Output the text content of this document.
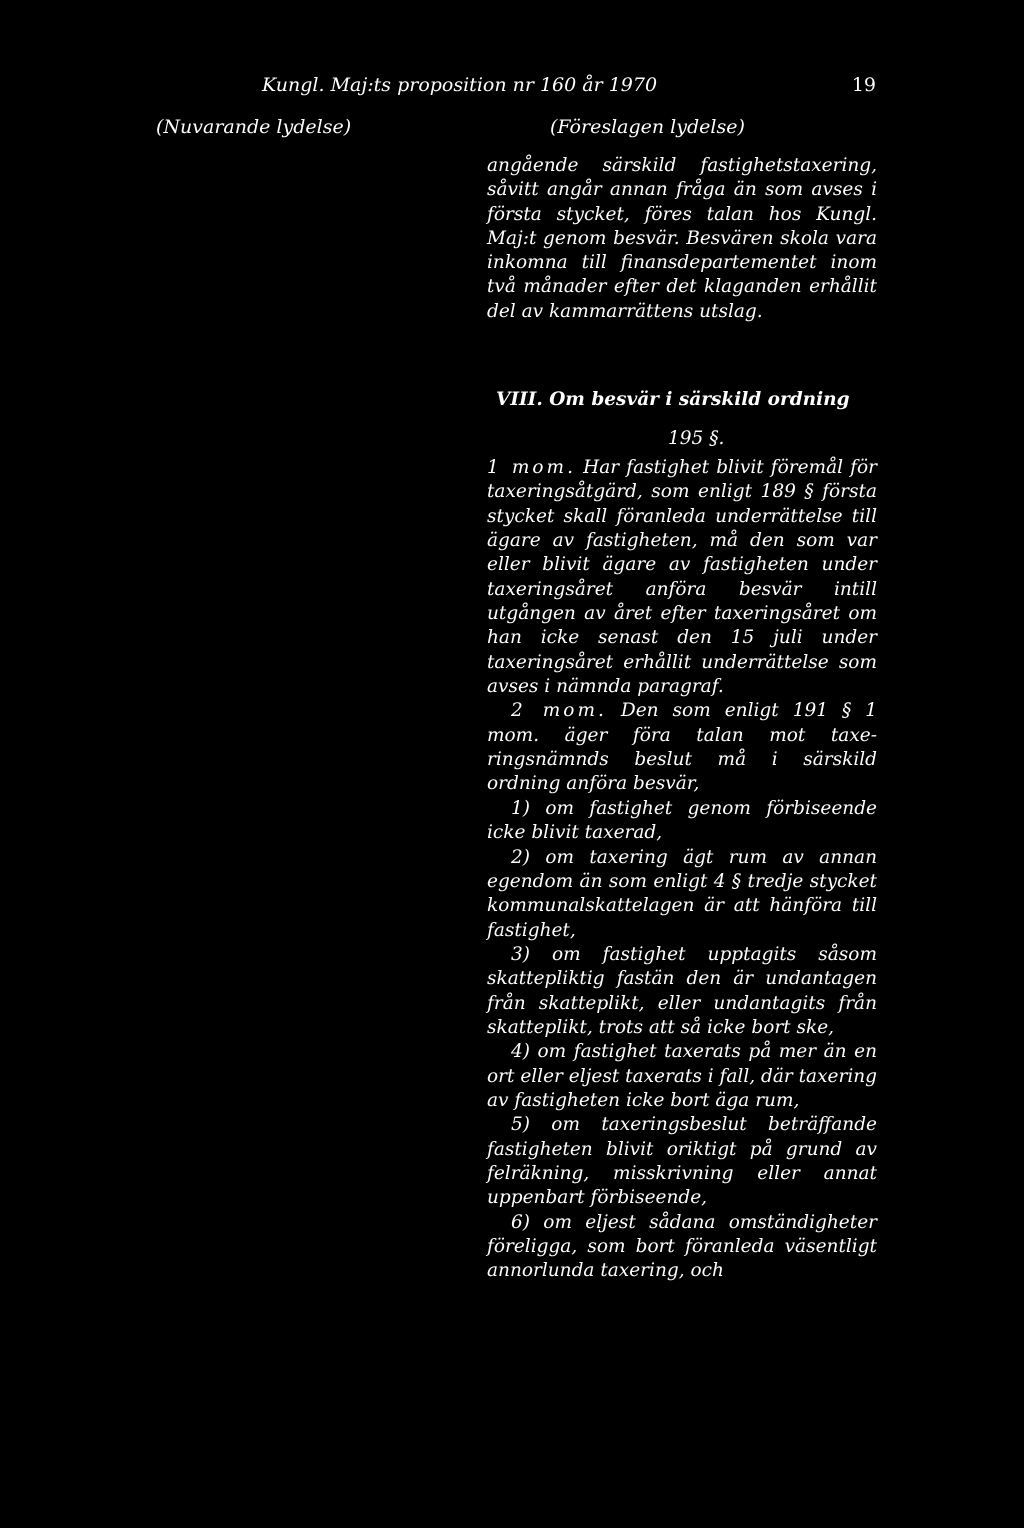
Kungl. Maj:ts proposition nr 160 år 1970	19
(Nuvarande lydelse)	(Föreslagen lydelse)

angående särskild fastighetstaxering, såvitt angår annan fråga än som avses i första stycket, föres talan hos Kungl. Maj:t genom besvär. Besvären skola vara inkomna till finansdepartementet inom två månader efter det klaganden erhållit del av kammarrättens utslag.

VIII. Om besvär i särskild ordning
195 §.

1 mom. Har fastighet blivit föremål för taxeringsåtgärd, som enligt 189 § första stycket skall föranleda underrättelse till ägare av fastigheten, må den som var eller blivit ägare av fastigheten under taxeringsåret anföra besvär intill utgången av året efter taxeringsåret om han icke senast den 15 juli under taxeringsåret erhållit underrättelse som avses i nämnda paragraf.

2 mom. Den som enligt 191 § 1 mom. äger föra talan mot taxeringsnämnds beslut må i särskild ordning anföra besvär,

1) om fastighet genom förbiseende icke blivit taxerad,

2) om taxering ägt rum av annan egendom än som enligt 4 § tredje stycket kommunalskattelagen är att hänföra till fastighet,

3) om fastighet upptagits såsom skattepliktig fastän den är undantagen från skatteplikt, eller undantagits från skatteplikt, trots att så icke bort ske,

4) om fastighet taxerats på mer än en ort eller eljest taxerats i fall, där taxering av fastigheten icke bort äga rum,

5) om taxeringsbeslut beträffande fastigheten blivit oriktigt på grund av felräkning, misskrivning eller annat uppenbart förbiseende,

6) om eljest sådana omständigheter föreligga, som bort föranleda väsentligt annorlunda taxering, och
